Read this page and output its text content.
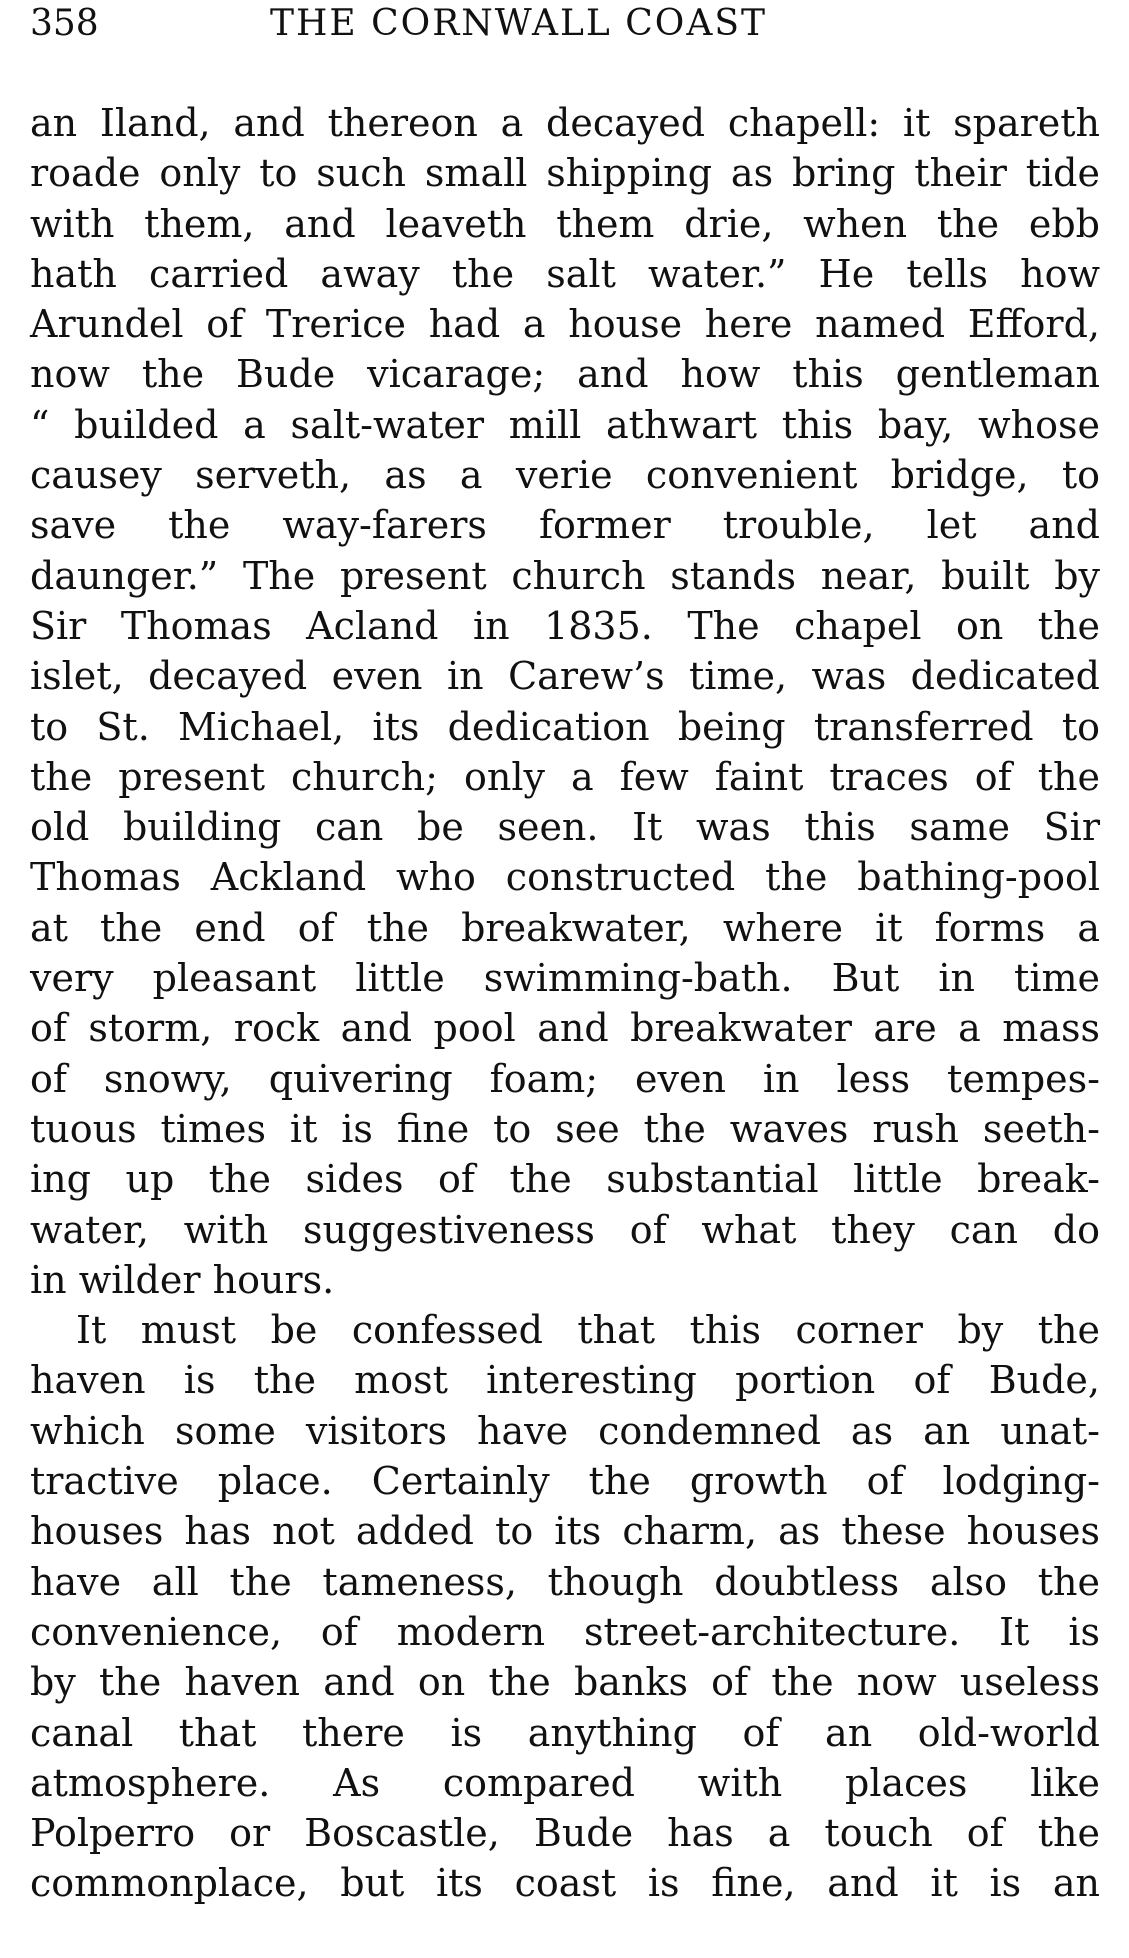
358	THE CORNWALL COAST
an Iland, and thereon a decayed chapell: it spareth
roade only to such small shipping as bring their tide
with them, and leaveth them drie, when the ebb
hath carried away the salt water.” He tells how
Arundel of Trerice had a house here named Efford,
now the Bude vicarage; and how this gentleman
“ builded a salt-water mill athwart this bay, whose
causey serveth, as a verie convenient bridge, to
save the way-farers former trouble, let and
daunger.” The present church stands near, built by
Sir Thomas Acland in 1835. The chapel on the
islet, decayed even in Carew’s time, was dedicated
to St. Michael, its dedication being transferred to
the present church; only a few faint traces of the
old building can be seen. It was this same Sir
Thomas Ackland who constructed the bathing-pool
at the end of the breakwater, where it forms a
very pleasant little swimming-bath. But in time
of storm, rock and pool and breakwater are a mass
of snowy, quivering foam; even in less tempes-
tuous times it is fine to see the waves rush seeth-
ing up the sides of the substantial little break-
water, with suggestiveness of what they can do
in wilder hours.
It must be confessed that this corner by the
haven is the most interesting portion of Bude,
which some visitors have condemned as an unat-
tractive place. Certainly the growth of lodging-
houses has not added to its charm, as these houses
have all the tameness, though doubtless also the
convenience, of modern street-architecture. It is
by the haven and on the banks of the now useless
canal that there is anything of an old-world
atmosphere. As compared with places like
Polperro or Boscastle, Bude has a touch of the
commonplace, but its coast is fine, and it is an
